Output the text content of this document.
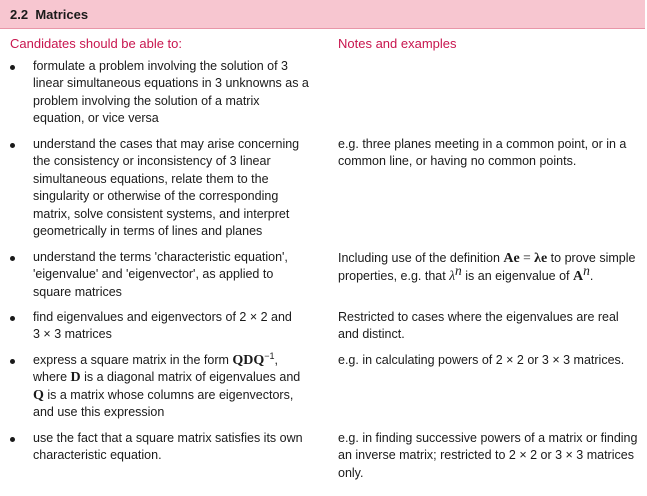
2.2 Matrices
Candidates should be able to:	Notes and examples
formulate a problem involving the solution of 3 linear simultaneous equations in 3 unknowns as a problem involving the solution of a matrix equation, or vice versa
understand the cases that may arise concerning the consistency or inconsistency of 3 linear simultaneous equations, relate them to the singularity or otherwise of the corresponding matrix, solve consistent systems, and interpret geometrically in terms of lines and planes
e.g. three planes meeting in a common point, or in a common line, or having no common points.
understand the terms 'characteristic equation', 'eigenvalue' and 'eigenvector', as applied to square matrices
Including use of the definition Ae = λe to prove simple properties, e.g. that $\lambda^n$ is an eigenvalue of $A^n$.
find eigenvalues and eigenvectors of 2 × 2 and
3 × 3 matrices
Restricted to cases where the eigenvalues are real and distinct.
express a square matrix in the form $QDQ^{-1}$,
where D is a diagonal matrix of eigenvalues and
Q is a matrix whose columns are eigenvectors,
and use this expression
e.g. in calculating powers of 2 × 2 or 3 × 3 matrices.
use the fact that a square matrix satisfies its own characteristic equation.
e.g. in finding successive powers of a matrix or finding an inverse matrix; restricted to 2 × 2 or 3 × 3 matrices only.
